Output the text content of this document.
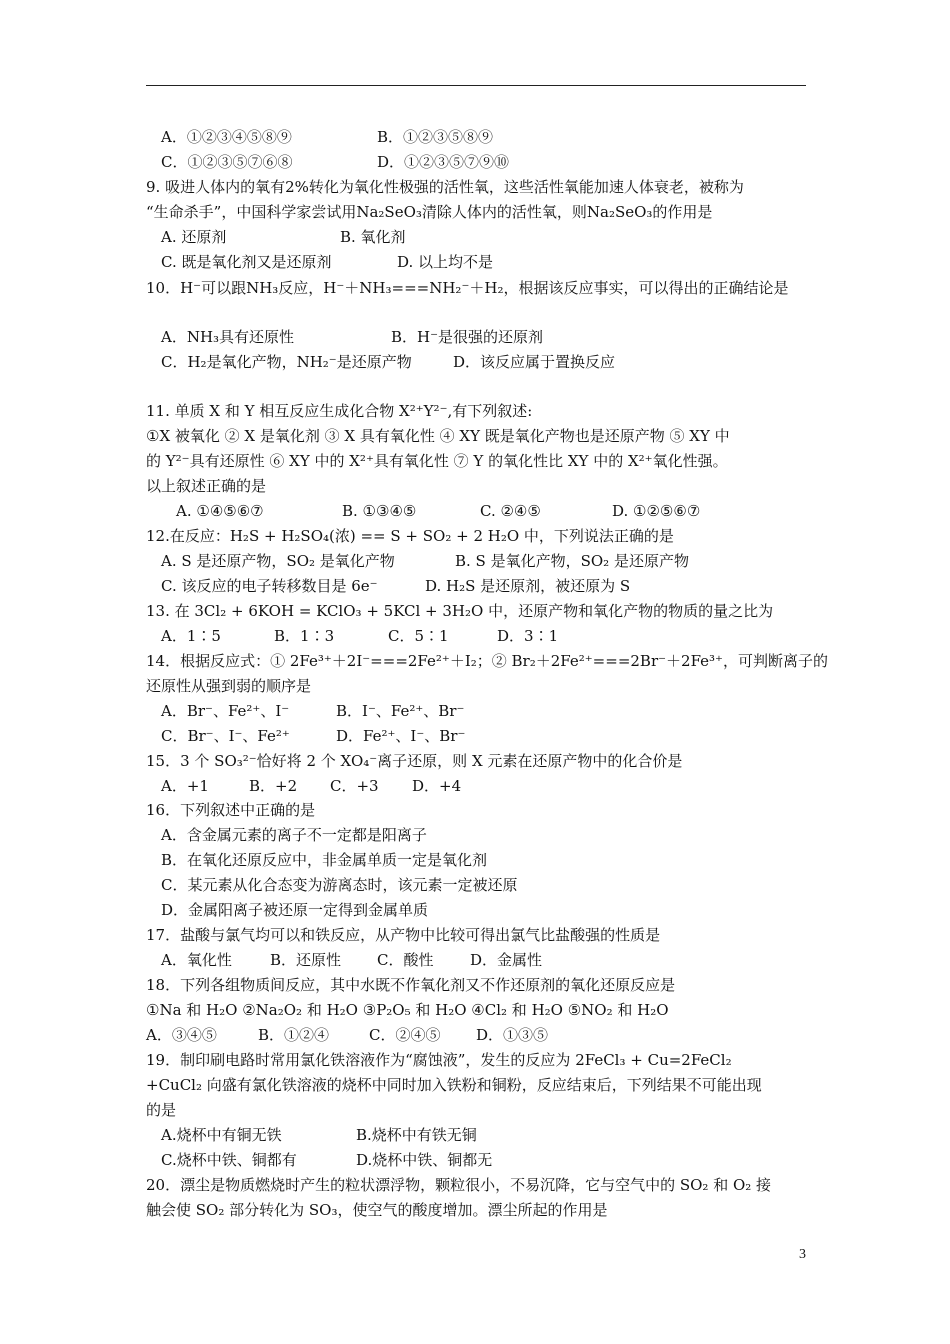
A．①②③④⑤⑧⑨	B．①②③⑤⑧⑨
C．①②③⑤⑦⑥⑧	D．①②③⑤⑦⑨⑩
9. 吸进人体内的氧有2%转化为氧化性极强的活性氧，这些活性氧能加速人体衰老，被称为
“生命杀手”，中国科学家尝试用Na₂SeO₃清除人体内的活性氧，则Na₂SeO₃的作用是
A. 还原剂	B. 氧化剂
C. 既是氧化剂又是还原剂	D. 以上均不是
10．H⁻可以跟NH₃反应，H⁻＋NH₃===NH₂⁻＋H₂，根据该反应事实，可以得出的正确结论是
A．NH₃具有还原性	B．H⁻是很强的还原剂
C．H₂是氧化产物，NH₂⁻是还原产物	D．该反应属于置换反应
11. 单质 X 和 Y 相互反应生成化合物 X²⁺Y²⁻,有下列叙述:
①X 被氧化 ② X 是氧化剂 ③ X 具有氧化性 ④ XY 既是氧化产物也是还原产物 ⑤ XY 中
的 Y²⁻具有还原性 ⑥ XY 中的 X²⁺具有氧化性 ⑦ Y 的氧化性比 XY 中的 X²⁺氧化性强。
以上叙述正确的是
A. ①④⑤⑥⑦	B. ①③④⑤	C. ②④⑤	D. ①②⑤⑥⑦
12.在反应：H₂S + H₂SO₄(浓) == S + SO₂ + 2 H₂O 中，下列说法正确的是
A. S 是还原产物，SO₂ 是氧化产物	B. S 是氧化产物，SO₂ 是还原产物
C. 该反应的电子转移数目是 6e⁻	D. H₂S 是还原剂，被还原为 S
13. 在 3Cl₂ + 6KOH = KClO₃ + 5KCl + 3H₂O 中，还原产物和氧化产物的物质的量之比为
A．1∶5	B．1∶3	C．5∶1	D．3∶1
14．根据反应式：① 2Fe³⁺＋2I⁻===2Fe²⁺＋I₂；② Br₂＋2Fe²⁺===2Br⁻＋2Fe³⁺，可判断离子的
还原性从强到弱的顺序是
A．Br⁻、Fe²⁺、I⁻	B．I⁻、Fe²⁺、Br⁻
C．Br⁻、I⁻、Fe²⁺	D．Fe²⁺、I⁻、Br⁻
15．3 个 SO₃²⁻恰好将 2 个 XO₄⁻离子还原，则 X 元素在还原产物中的化合价是
A．+1	B．+2 C．+3 D．+4
16．下列叙述中正确的是
A．含金属元素的离子不一定都是阳离子
B．在氧化还原反应中，非金属单质一定是氧化剂
C．某元素从化合态变为游离态时，该元素一定被还原
D．金属阳离子被还原一定得到金属单质
17．盐酸与氯气均可以和铁反应，从产物中比较可得出氯气比盐酸强的性质是
A．氧化性	B．还原性 C．酸性 D．金属性
18．下列各组物质间反应，其中水既不作氧化剂又不作还原剂的氧化还原反应是
①Na 和 H₂O ②Na₂O₂ 和 H₂O ③P₂O₅ 和 H₂O ④Cl₂ 和 H₂O ⑤NO₂ 和 H₂O
A．③④⑤	B．①②④	C．②④⑤ D．①③⑤
19．制印刷电路时常用氯化铁溶液作为“腐蚀液”，发生的反应为 2FeCl₃ + Cu=2FeCl₂
+CuCl₂ 向盛有氯化铁溶液的烧杯中同时加入铁粉和铜粉，反应结束后，下列结果不可能出现
的是
A.烧杯中有铜无铁	B.烧杯中有铁无铜
C.烧杯中铁、铜都有	D.烧杯中铁、铜都无
20．漂尘是物质燃烧时产生的粒状漂浮物，颗粒很小，不易沉降，它与空气中的 SO₂ 和 O₂ 接
触会使 SO₂ 部分转化为 SO₃，使空气的酸度增加。漂尘所起的作用是
3
